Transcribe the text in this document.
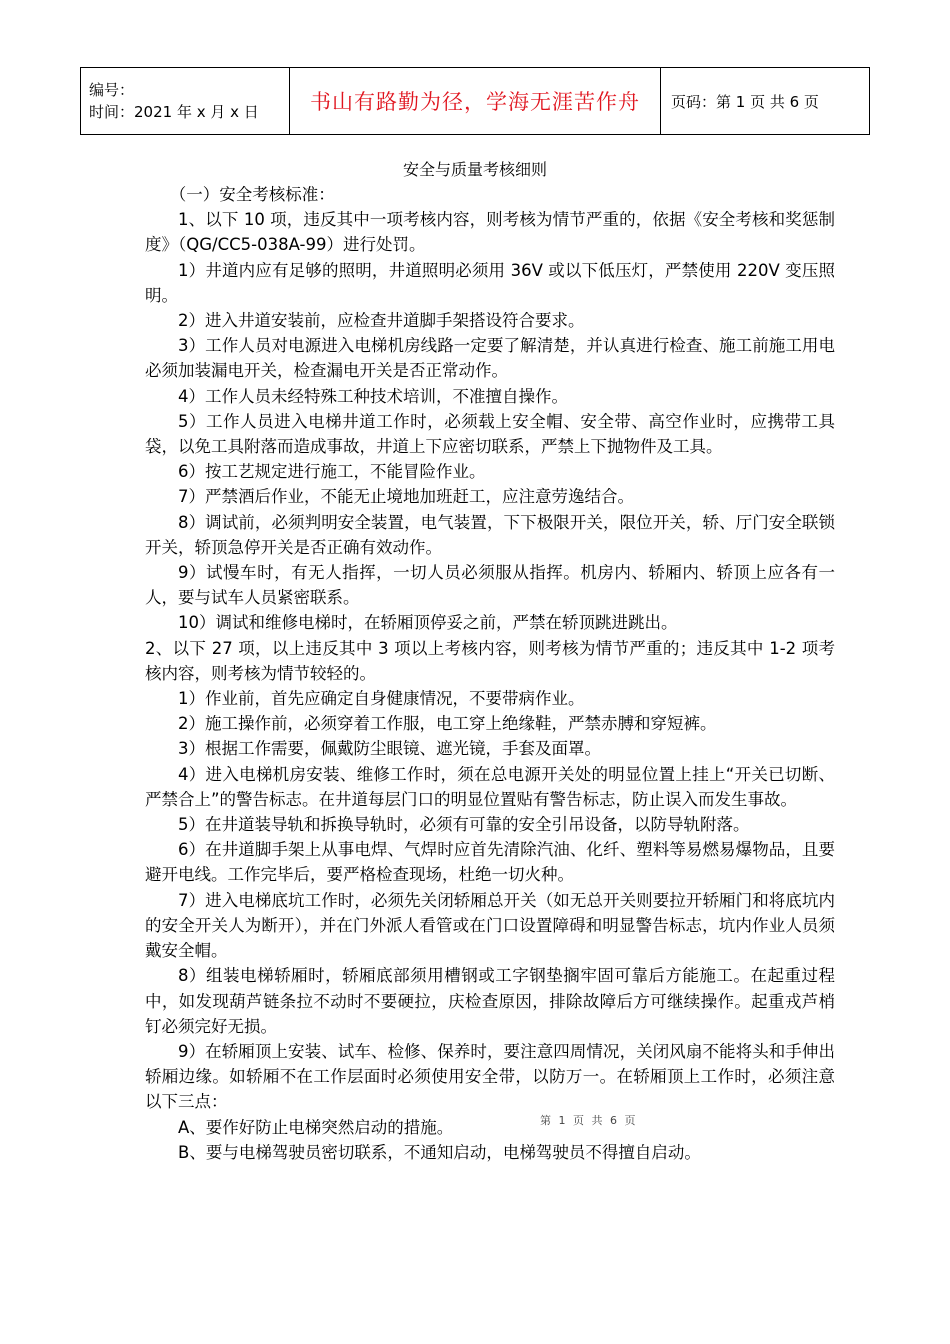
编号：
时间：2021 年 x 月 x 日	书山有路勤为径，学海无涯苦作舟	页码：第 1 页 共 6 页
安全与质量考核细则

（一）安全考核标准：

1、以下 10 项，违反其中一项考核内容，则考核为情节严重的，依据《安全考核和奖惩制度》（QG/CC5-038A-99）进行处罚。

1）井道内应有足够的照明，井道照明必须用 36V 或以下低压灯，严禁使用 220V 变压照明。

2）进入井道安装前，应检查井道脚手架搭设符合要求。

3）工作人员对电源进入电梯机房线路一定要了解清楚，并认真进行检查、施工前施工用电必须加装漏电开关，检查漏电开关是否正常动作。

4）工作人员未经特殊工种技术培训，不准擅自操作。

5）工作人员进入电梯井道工作时，必须载上安全帽、安全带、高空作业时，应携带工具袋，以免工具附落而造成事故，井道上下应密切联系，严禁上下抛物件及工具。

6）按工艺规定进行施工，不能冒险作业。

7）严禁酒后作业，不能无止境地加班赶工，应注意劳逸结合。

8）调试前，必须判明安全装置，电气装置，下下极限开关，限位开关，轿、厅门安全联锁开关，轿顶急停开关是否正确有效动作。

9）试慢车时，有无人指挥，一切人员必须服从指挥。机房内、轿厢内、轿顶上应各有一人，要与试车人员紧密联系。

10）调试和维修电梯时，在轿厢顶停妥之前，严禁在轿顶跳进跳出。

2、以下 27 项，以上违反其中 3 项以上考核内容，则考核为情节严重的；违反其中 1-2 项考核内容，则考核为情节较轻的。

1）作业前，首先应确定自身健康情况，不要带病作业。

2）施工操作前，必须穿着工作服，电工穿上绝缘鞋，严禁赤膊和穿短裤。

3）根据工作需要，佩戴防尘眼镜、遮光镜，手套及面罩。

4）进入电梯机房安装、维修工作时，须在总电源开关处的明显位置上挂上“开关已切断、严禁合上”的警告标志。在井道每层门口的明显位置贴有警告标志，防止误入而发生事故。

5）在井道装导轨和拆换导轨时，必须有可靠的安全引吊设备，以防导轨附落。

6）在井道脚手架上从事电焊、气焊时应首先清除汽油、化纤、塑料等易燃易爆物品，且要避开电线。工作完毕后，要严格检查现场，杜绝一切火种。

7）进入电梯底坑工作时，必须先关闭轿厢总开关（如无总开关则要拉开轿厢门和将底坑内的安全开关人为断开），并在门外派人看管或在门口设置障碍和明显警告标志，坑内作业人员须戴安全帽。

8）组装电梯轿厢时，轿厢底部须用槽钢或工字钢垫搁牢固可靠后方能施工。在起重过程中，如发现葫芦链条拉不动时不要硬拉，庆检查原因，排除故障后方可继续操作。起重戎芦梢钉必须完好无损。

9）在轿厢顶上安装、试车、检修、保养时，要注意四周情况，关闭风扇不能将头和手伸出轿厢边缘。如轿厢不在工作层面时必须使用安全带，以防万一。在轿厢顶上工作时，必须注意以下三点：

A、要作好防止电梯突然启动的措施。

B、要与电梯驾驶员密切联系，不通知启动，电梯驾驶员不得擅自启动。

第 1 页 共 6 页
